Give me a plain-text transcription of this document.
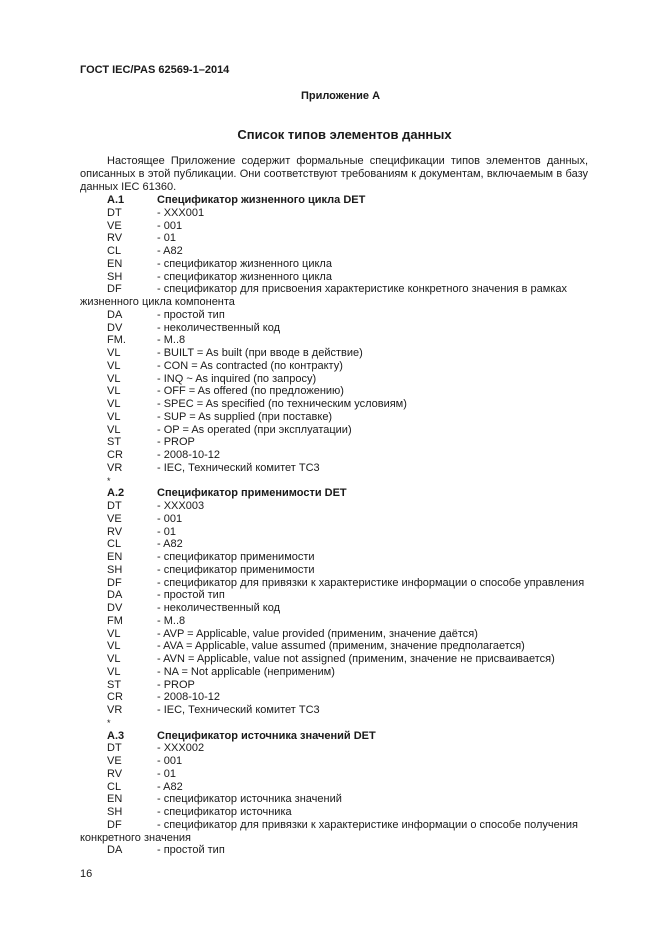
ГОСТ IEC/PAS 62569-1–2014
Приложение А
Список типов элементов данных
Настоящее Приложение содержит формальные спецификации типов элементов данных, описанных в этой публикации. Они соответствуют требованиям к документам, включаемым в базу данных IEC 61360.
A.1	Спецификатор жизненного цикла DET
DT	- XXX001
VE	- 001
RV	- 01
CL	- A82
EN	- спецификатор жизненного цикла
SH	- спецификатор жизненного цикла
DF	- спецификатор для присвоения характеристике конкретного значения в рамках
жизненного цикла компонента
DA	- простой тип
DV	- неколичественный код
FM.	- M..8
VL	- BUILT = As built (при вводе в действие)
VL	- CON = As contracted (по контракту)
VL	- INQ ~ As inquired (по запросу)
VL	- OFF = As offered (по предложению)
VL	- SPEC = As specified (по техническим условиям)
VL	- SUP = As supplied (при поставке)
VL	- OP = As operated (при эксплуатации)
ST	- PROP
CR	- 2008-10-12
VR	- IEC, Технический комитет ТС3
*
A.2	Спецификатор применимости DET
DT	- XXX003
VE	- 001
RV	- 01
CL	- A82
EN	- спецификатор применимости
SH	- спецификатор применимости
DF	- спецификатор для привязки к характеристике информации о способе управления
DA	- простой тип
DV	- неколичественный код
FM	- M..8
VL	- AVP = Applicable, value provided (применим, значение даётся)
VL	- AVA = Applicable, value assumed (применим, значение предполагается)
VL	- AVN = Applicable, value not assigned (применим, значение не присваивается)
VL	- NA = Not applicable (неприменим)
ST	- PROP
CR	- 2008-10-12
VR	- IEC, Технический комитет ТС3
*
A.3	Спецификатор источника значений DET
DT	- XXX002
VE	- 001
RV	- 01
CL	- A82
EN	- спецификатор источника значений
SH	- спецификатор источника
DF	- спецификатор для привязки к характеристике информации о способе получения
конкретного значения
DA	- простой тип
16
